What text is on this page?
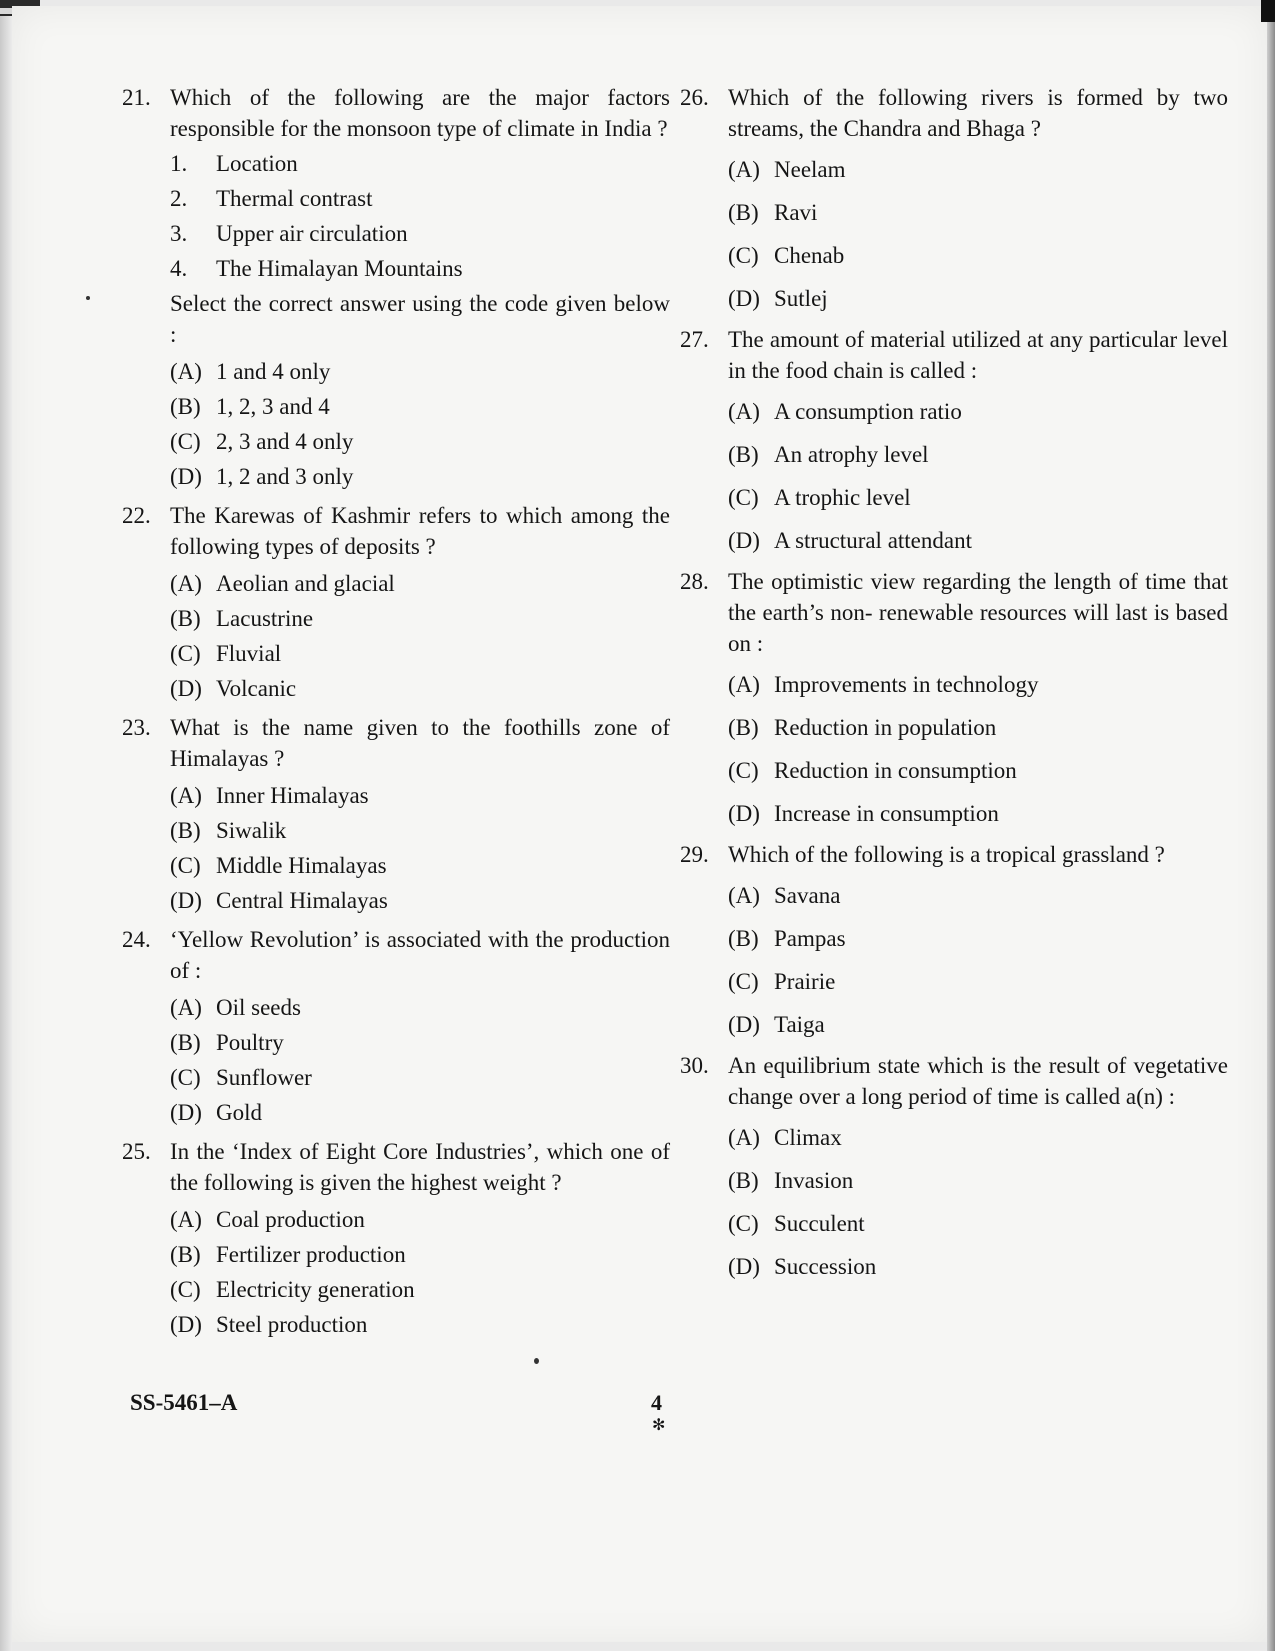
21. Which of the following are the major factors responsible for the monsoon type of climate in India ?
1. Location
2. Thermal contrast
3. Upper air circulation
4. The Himalayan Mountains
Select the correct answer using the code given below :
(A) 1 and 4 only
(B) 1, 2, 3 and 4
(C) 2, 3 and 4 only
(D) 1, 2 and 3 only
22. The Karewas of Kashmir refers to which among the following types of deposits ?
(A) Aeolian and glacial
(B) Lacustrine
(C) Fluvial
(D) Volcanic
23. What is the name given to the foothills zone of Himalayas ?
(A) Inner Himalayas
(B) Siwalik
(C) Middle Himalayas
(D) Central Himalayas
24. ‘Yellow Revolution’ is associated with the production of :
(A) Oil seeds
(B) Poultry
(C) Sunflower
(D) Gold
25. In the ‘Index of Eight Core Industries’, which one of the following is given the highest weight ?
(A) Coal production
(B) Fertilizer production
(C) Electricity generation
(D) Steel production
26. Which of the following rivers is formed by two streams, the Chandra and Bhaga ?
(A) Neelam
(B) Ravi
(C) Chenab
(D) Sutlej
27. The amount of material utilized at any particular level in the food chain is called :
(A) A consumption ratio
(B) An atrophy level
(C) A trophic level
(D) A structural attendant
28. The optimistic view regarding the length of time that the earth’s non- renewable resources will last is based on :
(A) Improvements in technology
(B) Reduction in population
(C) Reduction in consumption
(D) Increase in consumption
29. Which of the following is a tropical grassland ?
(A) Savana
(B) Pampas
(C) Prairie
(D) Taiga
30. An equilibrium state which is the result of vegetative change over a long period of time is called a(n) :
(A) Climax
(B) Invasion
(C) Succulent
(D) Succession
SS-5461–A	4
✻
